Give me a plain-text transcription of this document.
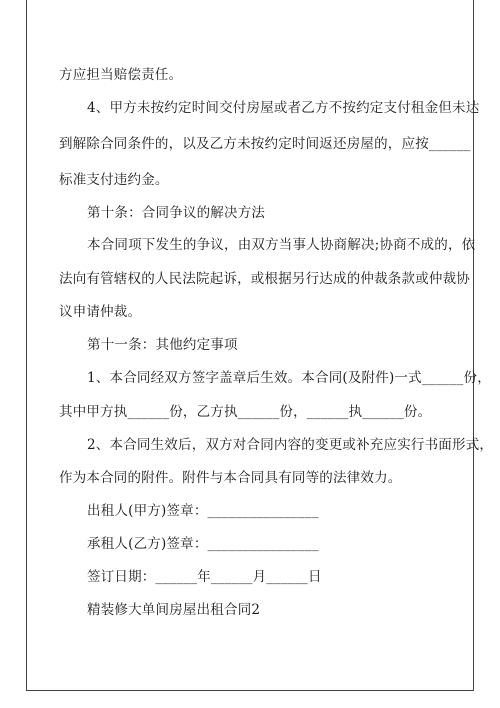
方应担当赔偿责任。
4、甲方未按约定时间交付房屋或者乙方不按约定支付租金但未达
到解除合同条件的，以及乙方未按约定时间返还房屋的，应按______
标准支付违约金。
第十条：合同争议的解决方法
本合同项下发生的争议，由双方当事人协商解决;协商不成的，依
法向有管辖权的人民法院起诉，或根据另行达成的仲裁条款或仲裁协
议申请仲裁。
第十一条：其他约定事项
1、本合同经双方签字盖章后生效。本合同(及附件)一式______份，
其中甲方执______份，乙方执______份，______执______份。
2、本合同生效后，双方对合同内容的变更或补充应实行书面形式，
作为本合同的附件。附件与本合同具有同等的法律效力。
出租人(甲方)签章：________________
承租人(乙方)签章：________________
签订日期：______年______月______日
精装修大单间房屋出租合同2
